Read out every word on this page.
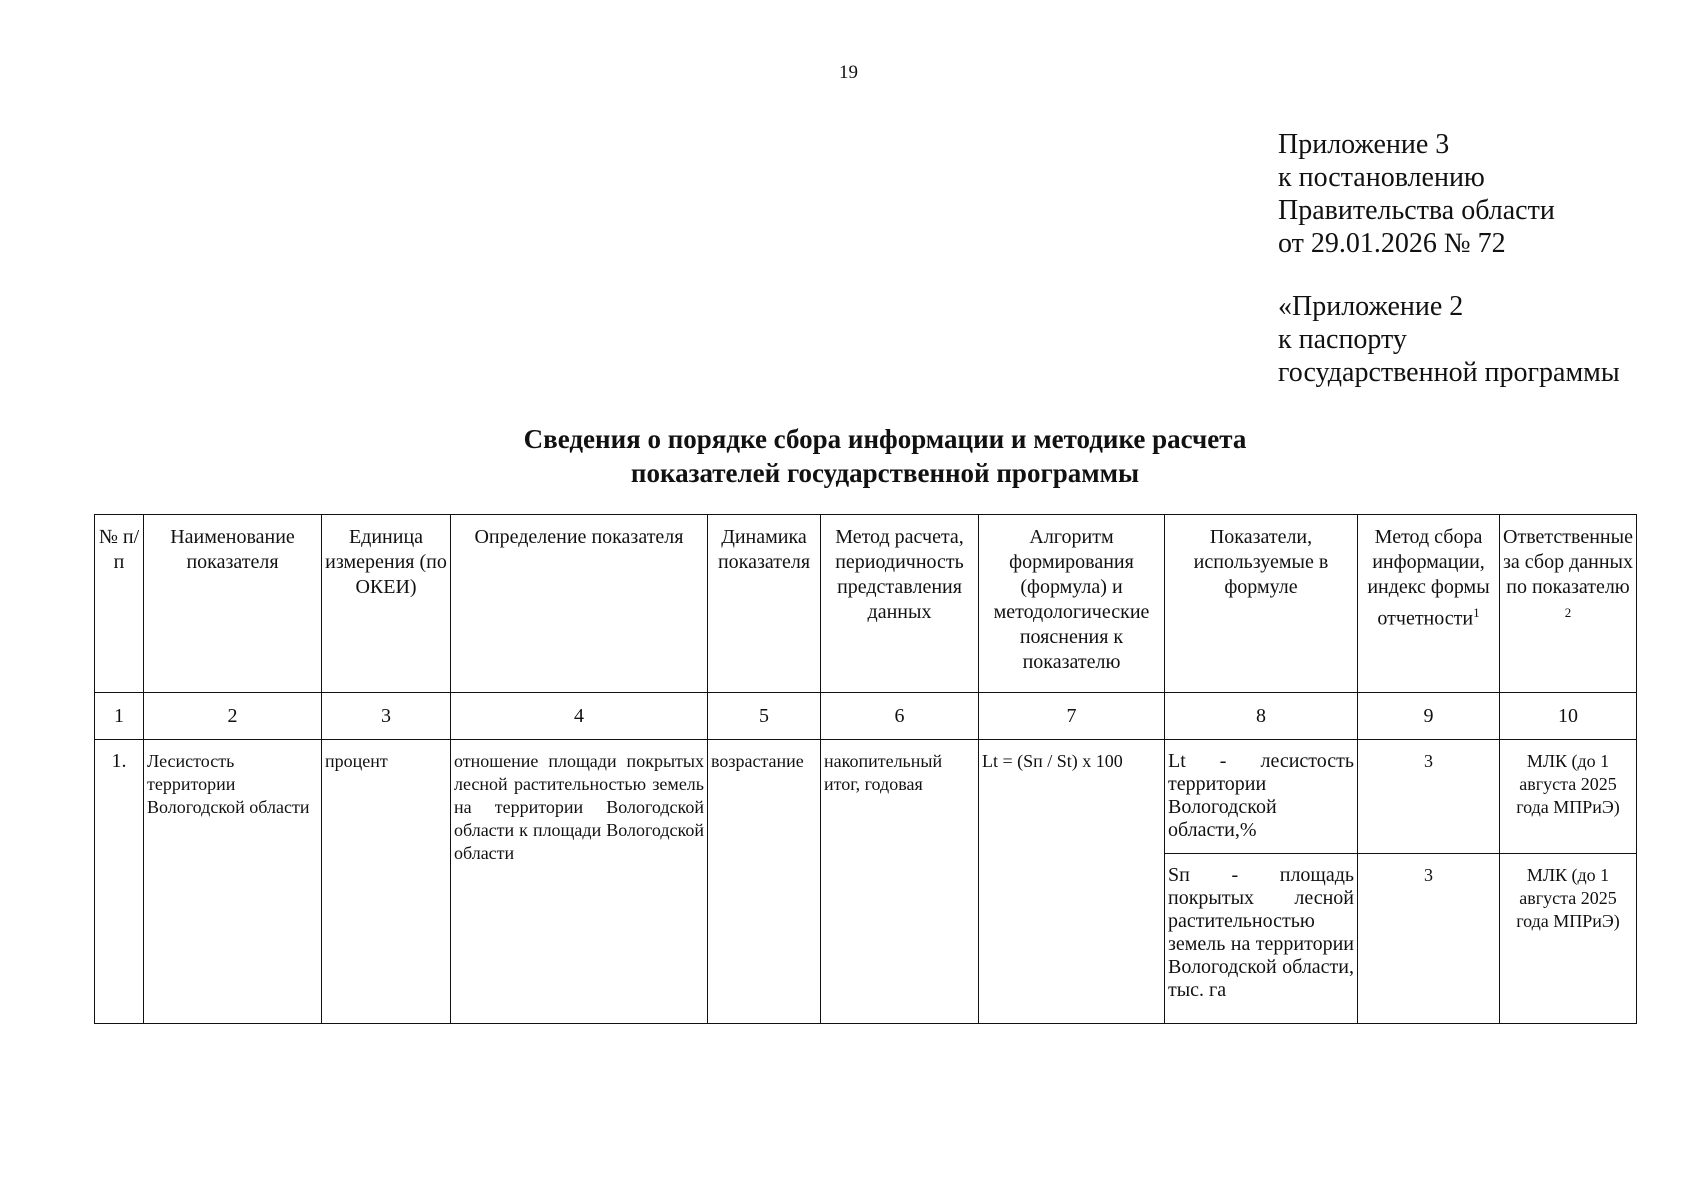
19
Приложение 3
к постановлению
Правительства области
от 29.01.2026 № 72
«Приложение 2
к паспорту
государственной программы
Сведения о порядке сбора информации и методике расчета
показателей государственной программы
№ п/п	Наименование показателя	Единица измерения (по ОКЕИ)	Определение показателя	Динамика показателя	Метод расчета, периодичность представления данных	Алгоритм формирования (формула) и методологические пояснения к показателю	Показатели, используемые в формуле	Метод сбора информации, индекс формы отчетности$^1$	Ответственные за сбор данных по показателю $^2$
1	2	3	4	5	6	7	8	9	10
1.	Лесистость территории Вологодской области	процент	отношение площади покрытых лесной растительностью земель на территории Вологодской области к площади Вологодской области	возрастание	накопительный итог, годовая	Lt = (Sп / St) x 100	Lt - лесистость территории Вологодской области,%	3	МЛК (до 1 августа 2025 года МПРиЭ)
							Sп - площадь покрытых лесной растительностью земель на территории Вологодской области, тыс. га	3	МЛК (до 1 августа 2025 года МПРиЭ)
